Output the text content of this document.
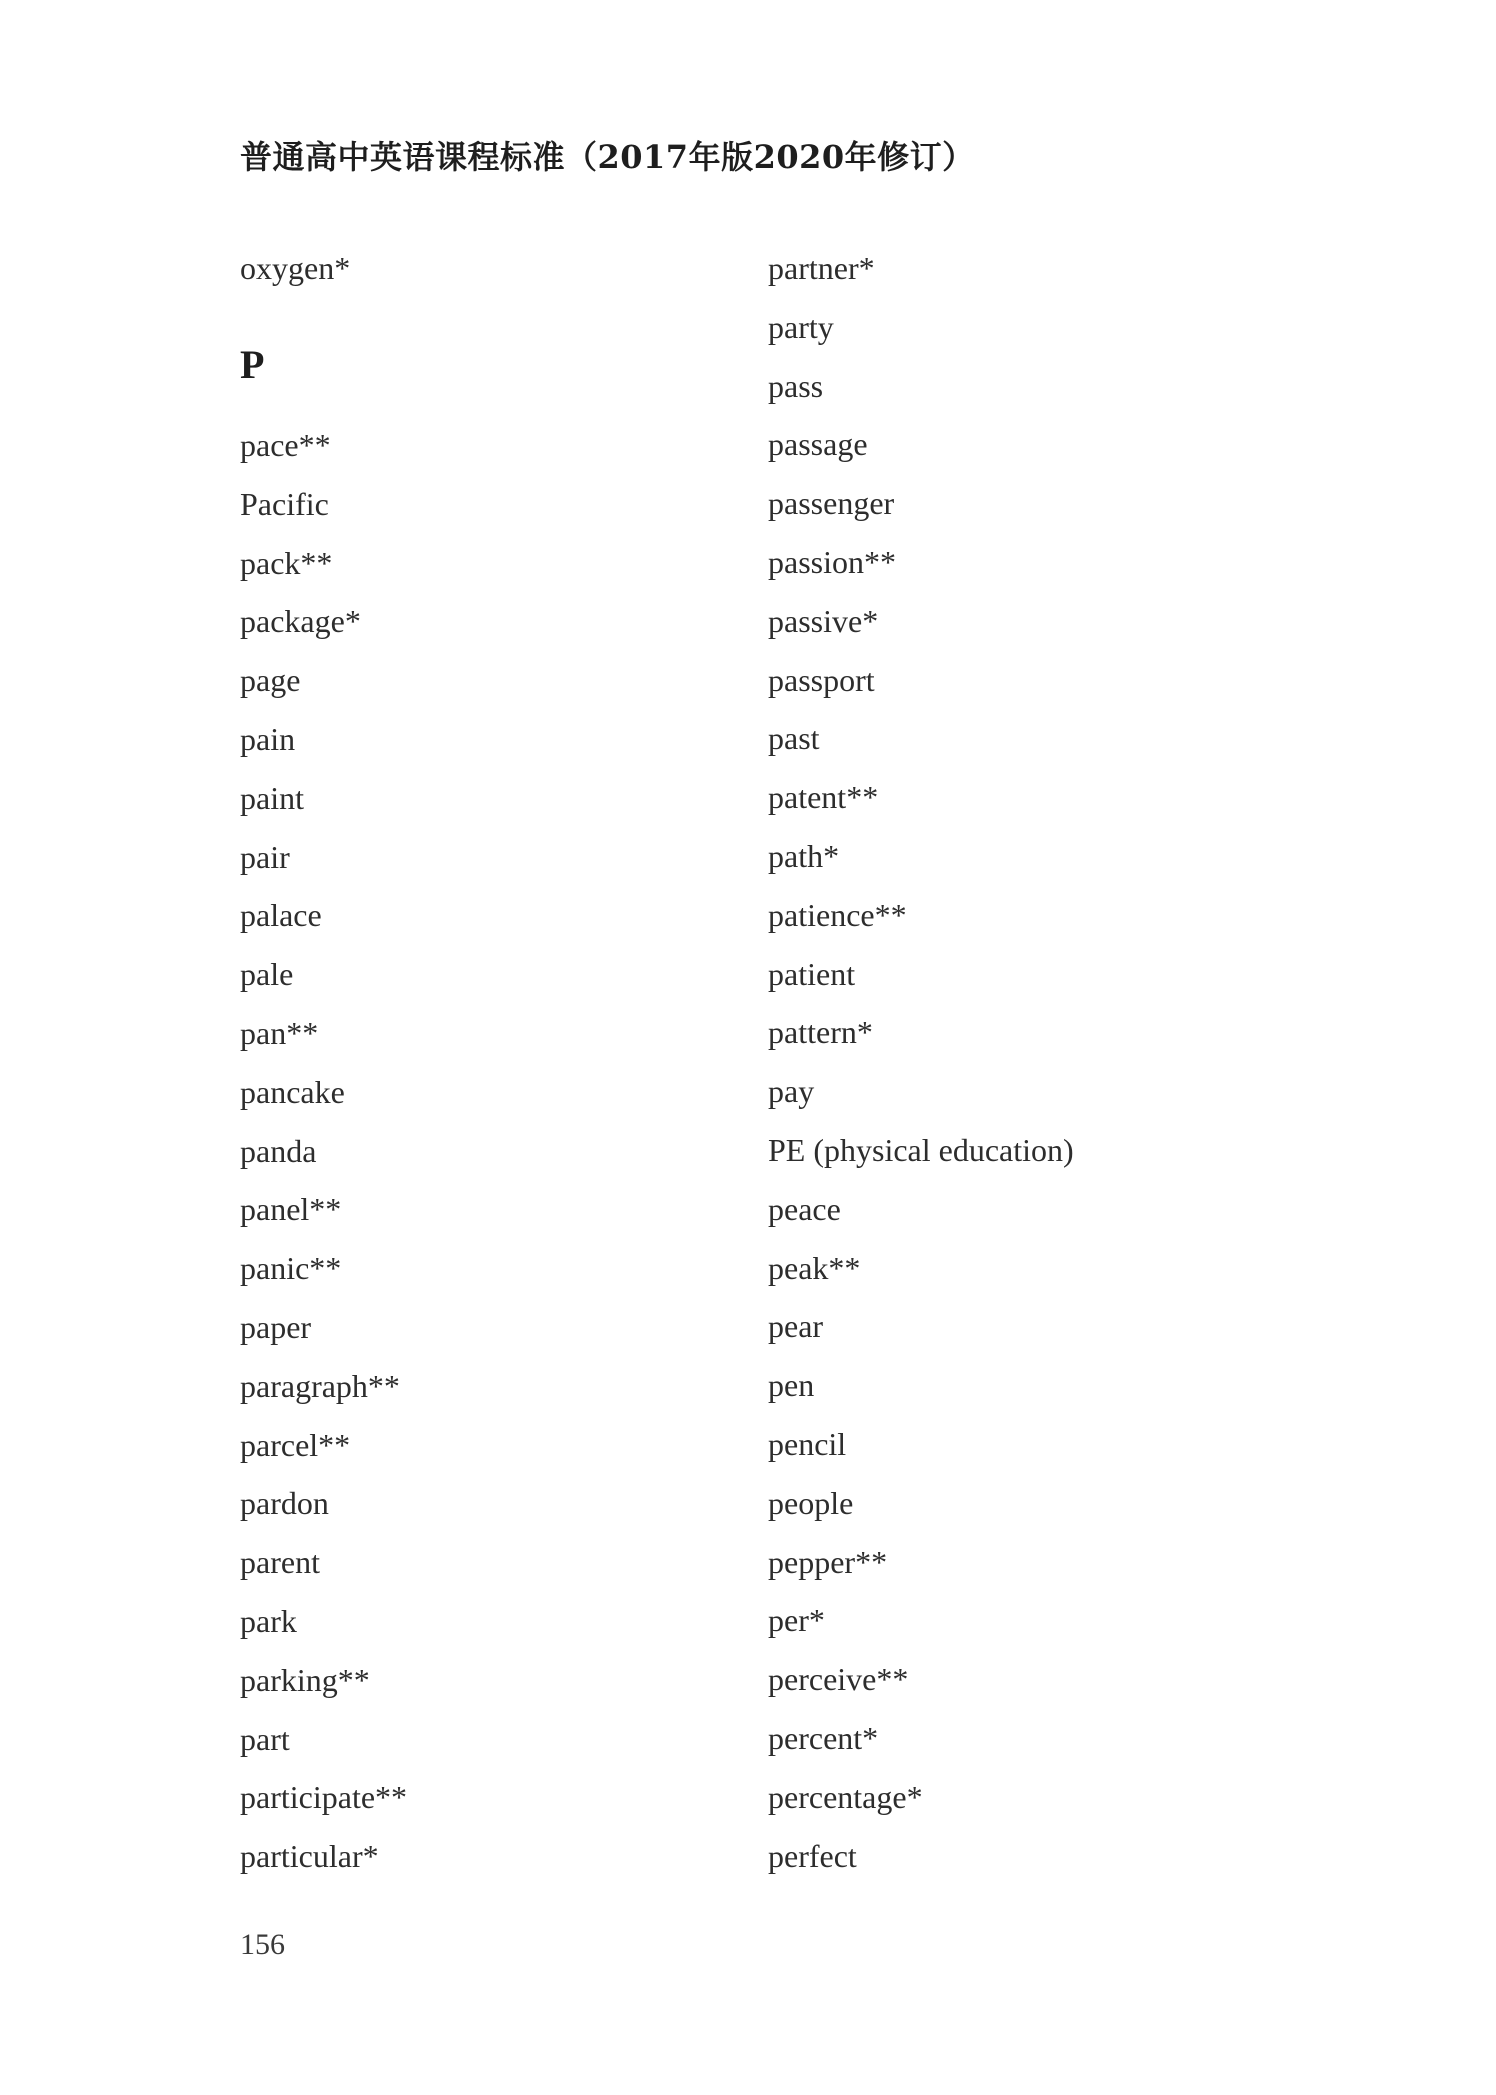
普通高中英语课程标准（2017年版2020年修订）
oxygen*
P
pace**
Pacific
pack**
package*
page
pain
paint
pair
palace
pale
pan**
pancake
panda
panel**
panic**
paper
paragraph**
parcel**
pardon
parent
park
parking**
part
participate**
particular*
partner*
party
pass
passage
passenger
passion**
passive*
passport
past
patent**
path*
patience**
patient
pattern*
pay
PE (physical education)
peace
peak**
pear
pen
pencil
people
pepper**
per*
perceive**
percent*
percentage*
perfect
156
